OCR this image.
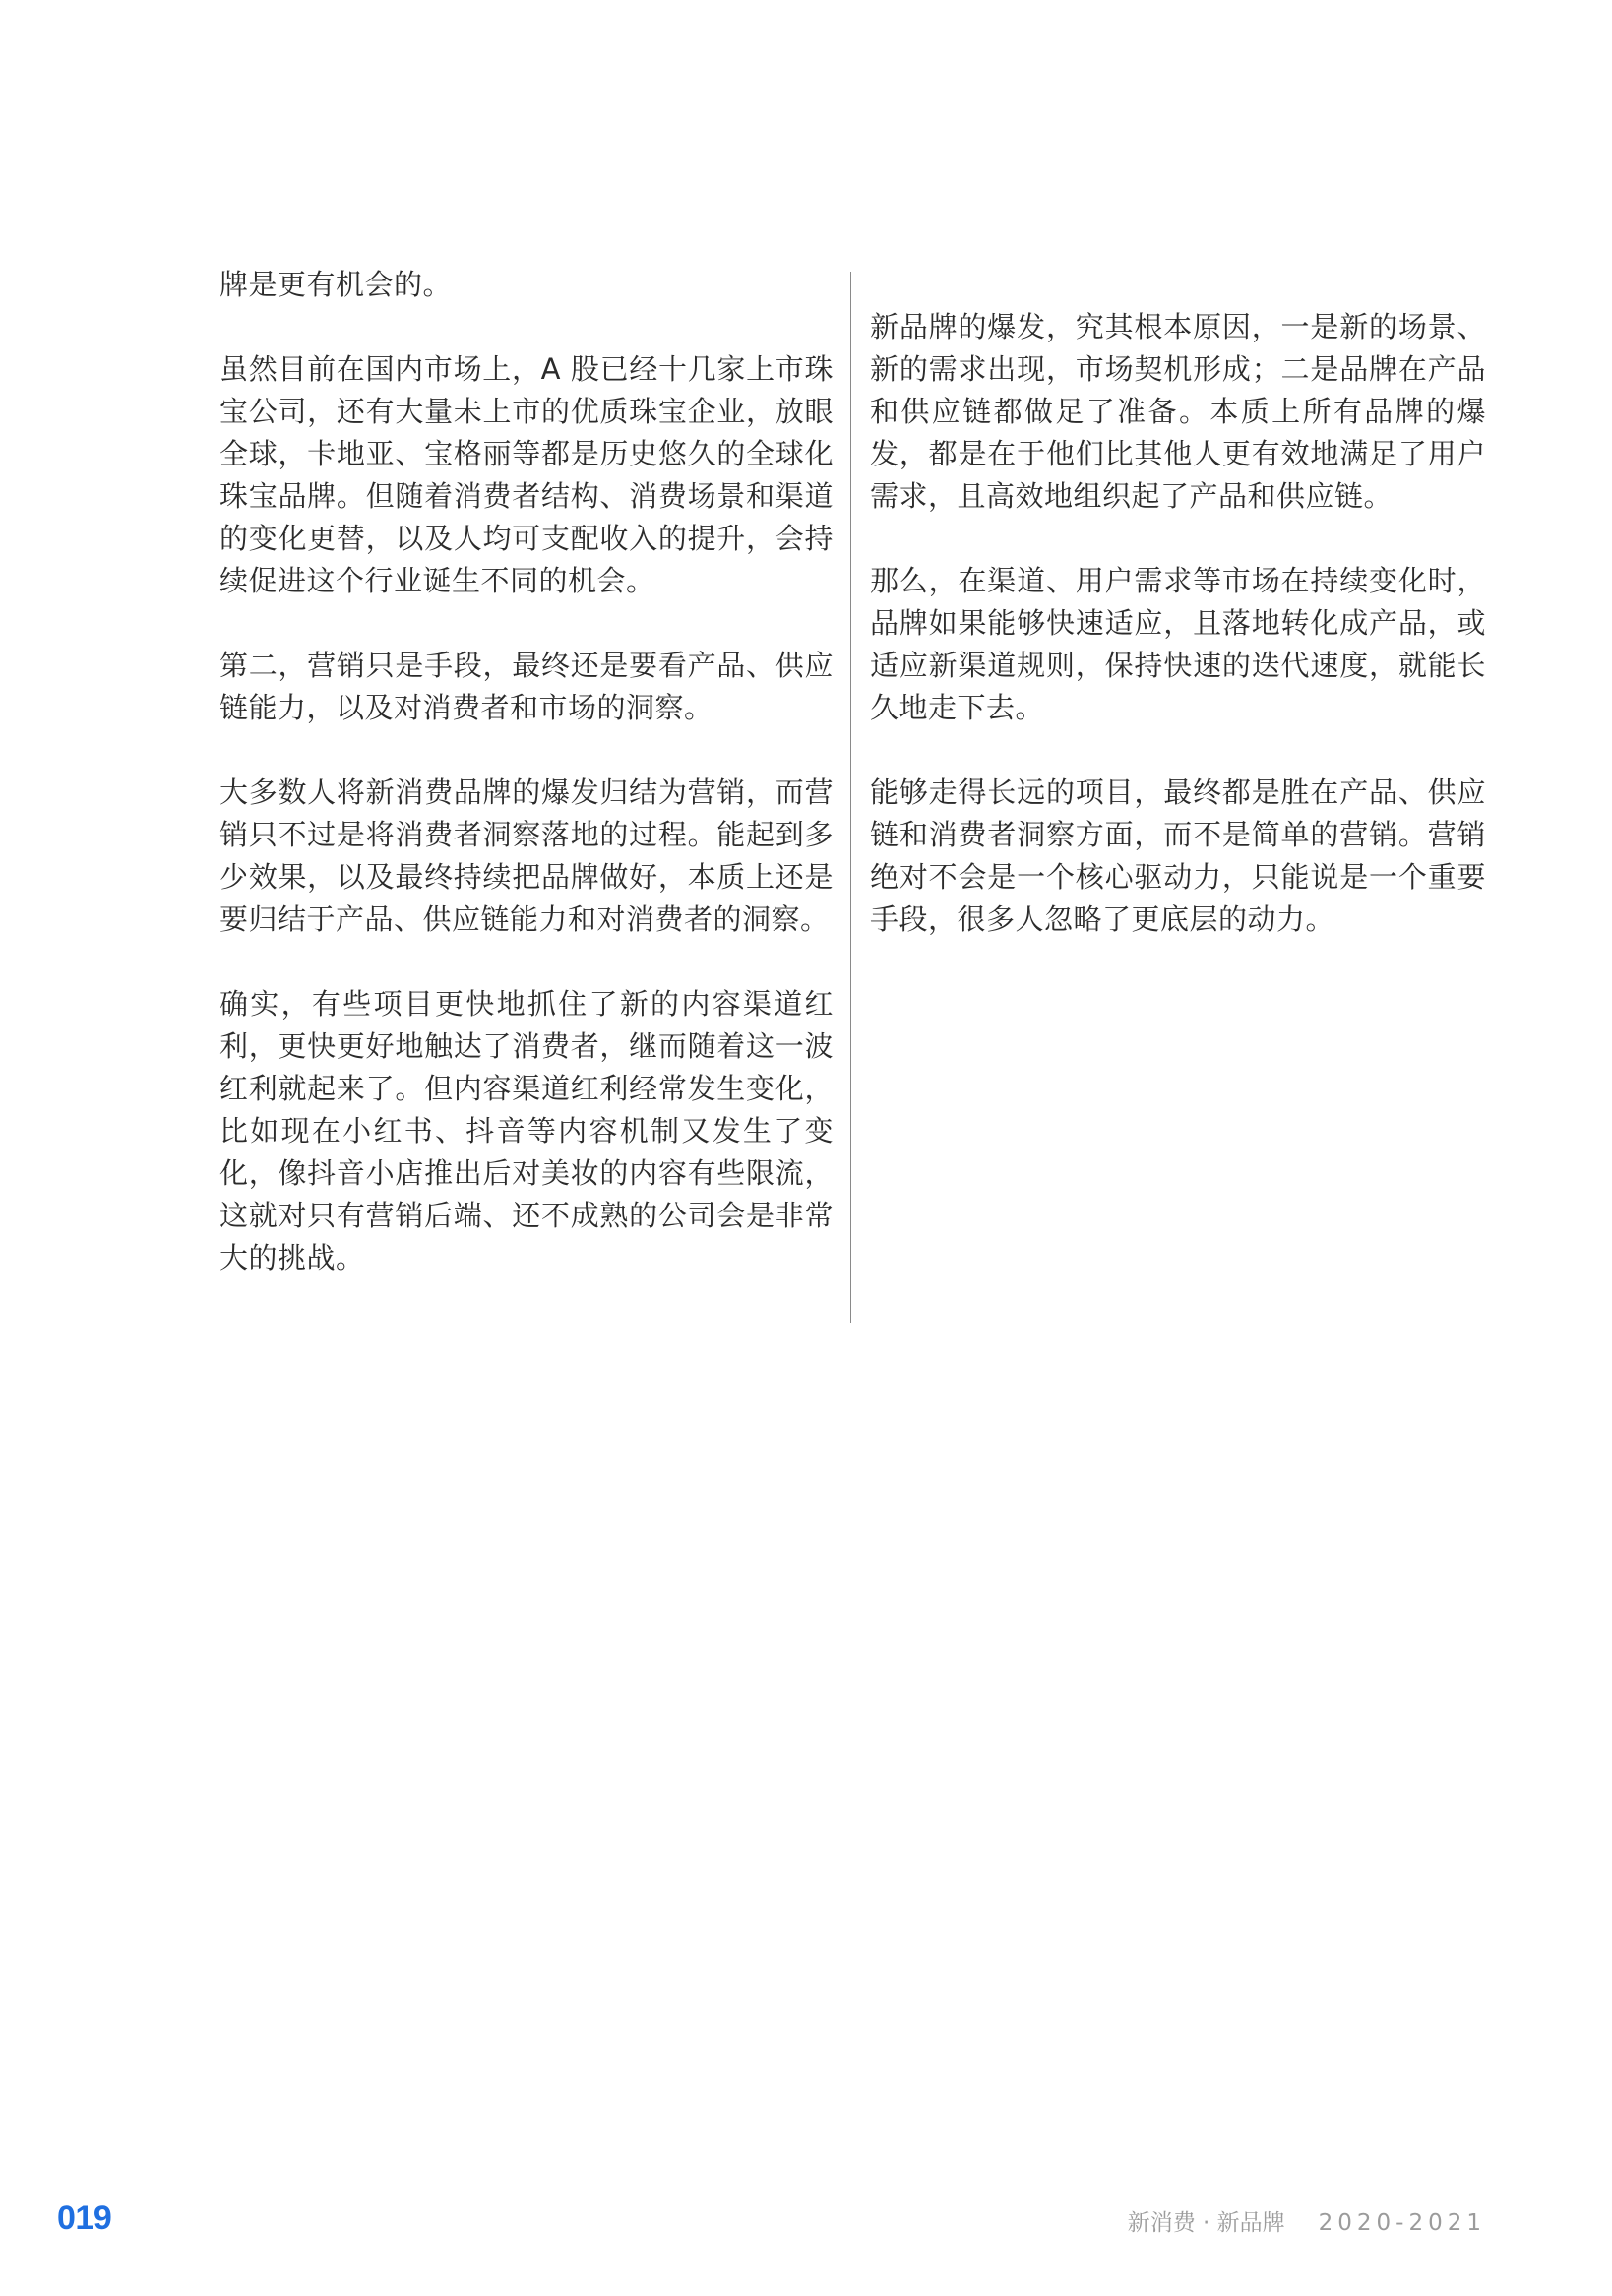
牌是更有机会的。

虽然目前在国内市场上，A 股已经十几家上市珠宝公司，还有大量未上市的优质珠宝企业，放眼全球，卡地亚、宝格丽等都是历史悠久的全球化珠宝品牌。但随着消费者结构、消费场景和渠道的变化更替，以及人均可支配收入的提升，会持续促进这个行业诞生不同的机会。

第二，营销只是手段，最终还是要看产品、供应链能力，以及对消费者和市场的洞察。

大多数人将新消费品牌的爆发归结为营销，而营销只不过是将消费者洞察落地的过程。能起到多少效果，以及最终持续把品牌做好，本质上还是要归结于产品、供应链能力和对消费者的洞察。

确实，有些项目更快地抓住了新的内容渠道红利，更快更好地触达了消费者，继而随着这一波红利就起来了。但内容渠道红利经常发生变化，比如现在小红书、抖音等内容机制又发生了变化，像抖音小店推出后对美妆的内容有些限流，这就对只有营销后端、还不成熟的公司会是非常大的挑战。

新品牌的爆发，究其根本原因，一是新的场景、新的需求出现，市场契机形成；二是品牌在产品和供应链都做足了准备。本质上所有品牌的爆发，都是在于他们比其他人更有效地满足了用户需求，且高效地组织起了产品和供应链。

那么，在渠道、用户需求等市场在持续变化时，品牌如果能够快速适应，且落地转化成产品，或适应新渠道规则，保持快速的迭代速度，就能长久地走下去。

能够走得长远的项目，最终都是胜在产品、供应链和消费者洞察方面，而不是简单的营销。营销绝对不会是一个核心驱动力，只能说是一个重要手段，很多人忽略了更底层的动力。

019	新消费 · 新品牌 2020-2021
